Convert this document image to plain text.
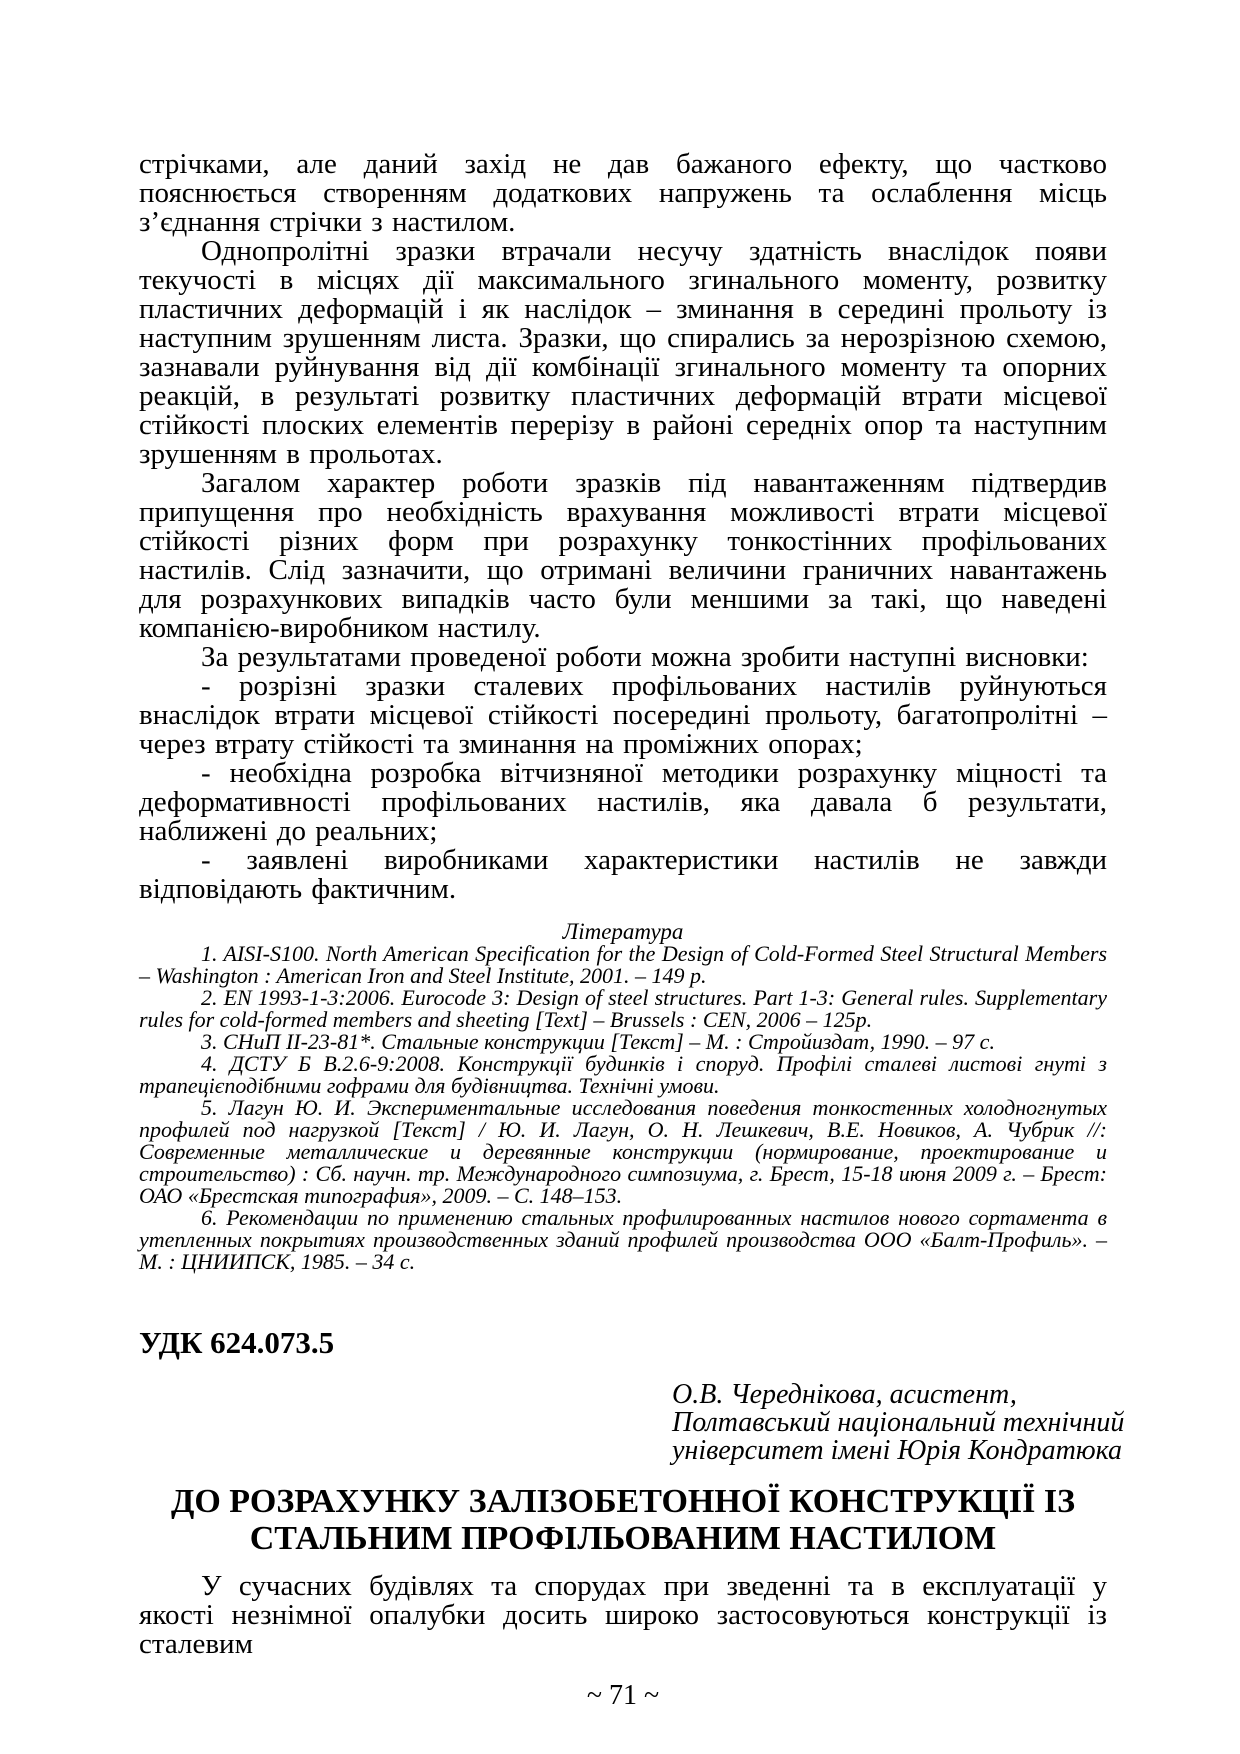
стрічками, але даний захід не дав бажаного ефекту, що частково пояснюється створенням додаткових напружень та ослаблення місць з’єднання стрічки з настилом.

Однопролітні зразки втрачали несучу здатність внаслідок появи текучості в місцях дії максимального згинального моменту, розвитку пластичних деформацій і як наслідок – зминання в середині прольоту із наступним зрушенням листа. Зразки, що спирались за нерозрізною схемою, зазнавали руйнування від дії комбінації згинального моменту та опорних реакцій, в результаті розвитку пластичних деформацій втрати місцевої стійкості плоских елементів перерізу в районі середніх опор та наступним зрушенням в прольотах.

Загалом характер роботи зразків під навантаженням підтвердив припущення про необхідність врахування можливості втрати місцевої стійкості різних форм при розрахунку тонкостінних профільованих настилів. Слід зазначити, що отримані величини граничних навантажень для розрахункових випадків часто були меншими за такі, що наведені компанією-виробником настилу.

За результатами проведеної роботи можна зробити наступні висновки:

- розрізні зразки сталевих профільованих настилів руйнуються внаслідок втрати місцевої стійкості посередині прольоту, багатопролітні – через втрату стійкості та зминання на проміжних опорах;

- необхідна розробка вітчизняної методики розрахунку міцності та деформативності профільованих настилів, яка давала б результати, наближені до реальних;

- заявлені виробниками характеристики настилів не завжди відповідають фактичним.

Література

1. AISI-S100. North American Specification for the Design of Cold-Formed Steel Structural Members – Washington : American Iron and Steel Institute, 2001. – 149 p.

2. EN 1993-1-3:2006. Eurocode 3: Design of steel structures. Part 1-3: General rules. Supplementary rules for cold-formed members and sheeting [Text] – Brussels : CEN, 2006 – 125p.

3. СНиП II-23-81*. Стальные конструкции [Текст] – М. : Стройиздат, 1990. – 97 с.

4. ДСТУ Б В.2.6-9:2008. Конструкції будинків і споруд. Профілі сталеві листові гнуті з трапецієподібними гофрами для будівництва. Технічні умови.

5. Лагун Ю. И. Экспериментальные исследования поведения тонкостенных холодногнутых профилей под нагрузкой [Текст] / Ю. И. Лагун, О. Н. Лешкевич, В.Е. Новиков, А. Чубрик //: Современные металлические и деревянные конструкции (нормирование, проектирование и строительство) : Сб. научн. тр. Международного симпозиума, г. Брест, 15-18 июня 2009 г. – Брест: ОАО «Брестская типография», 2009. – С. 148–153.

6. Рекомендации по применению стальных профилированных настилов нового сортамента в утепленных покрытиях производственных зданий профилей производства ООО «Балт-Профиль». – М. : ЦНИИПСК, 1985. – 34 с.

УДК 624.073.5
О.В. Череднікова, асистент,
Полтавський національний технічний
університет імені Юрія Кондратюка
ДО РОЗРАХУНКУ ЗАЛІЗОБЕТОННОЇ КОНСТРУКЦІЇ ІЗ
СТАЛЬНИМ ПРОФІЛЬОВАНИМ НАСТИЛОМ

У сучасних будівлях та спорудах при зведенні та в експлуатації у якості незнімної опалубки досить широко застосовуються конструкції із сталевим

~ 71 ~
